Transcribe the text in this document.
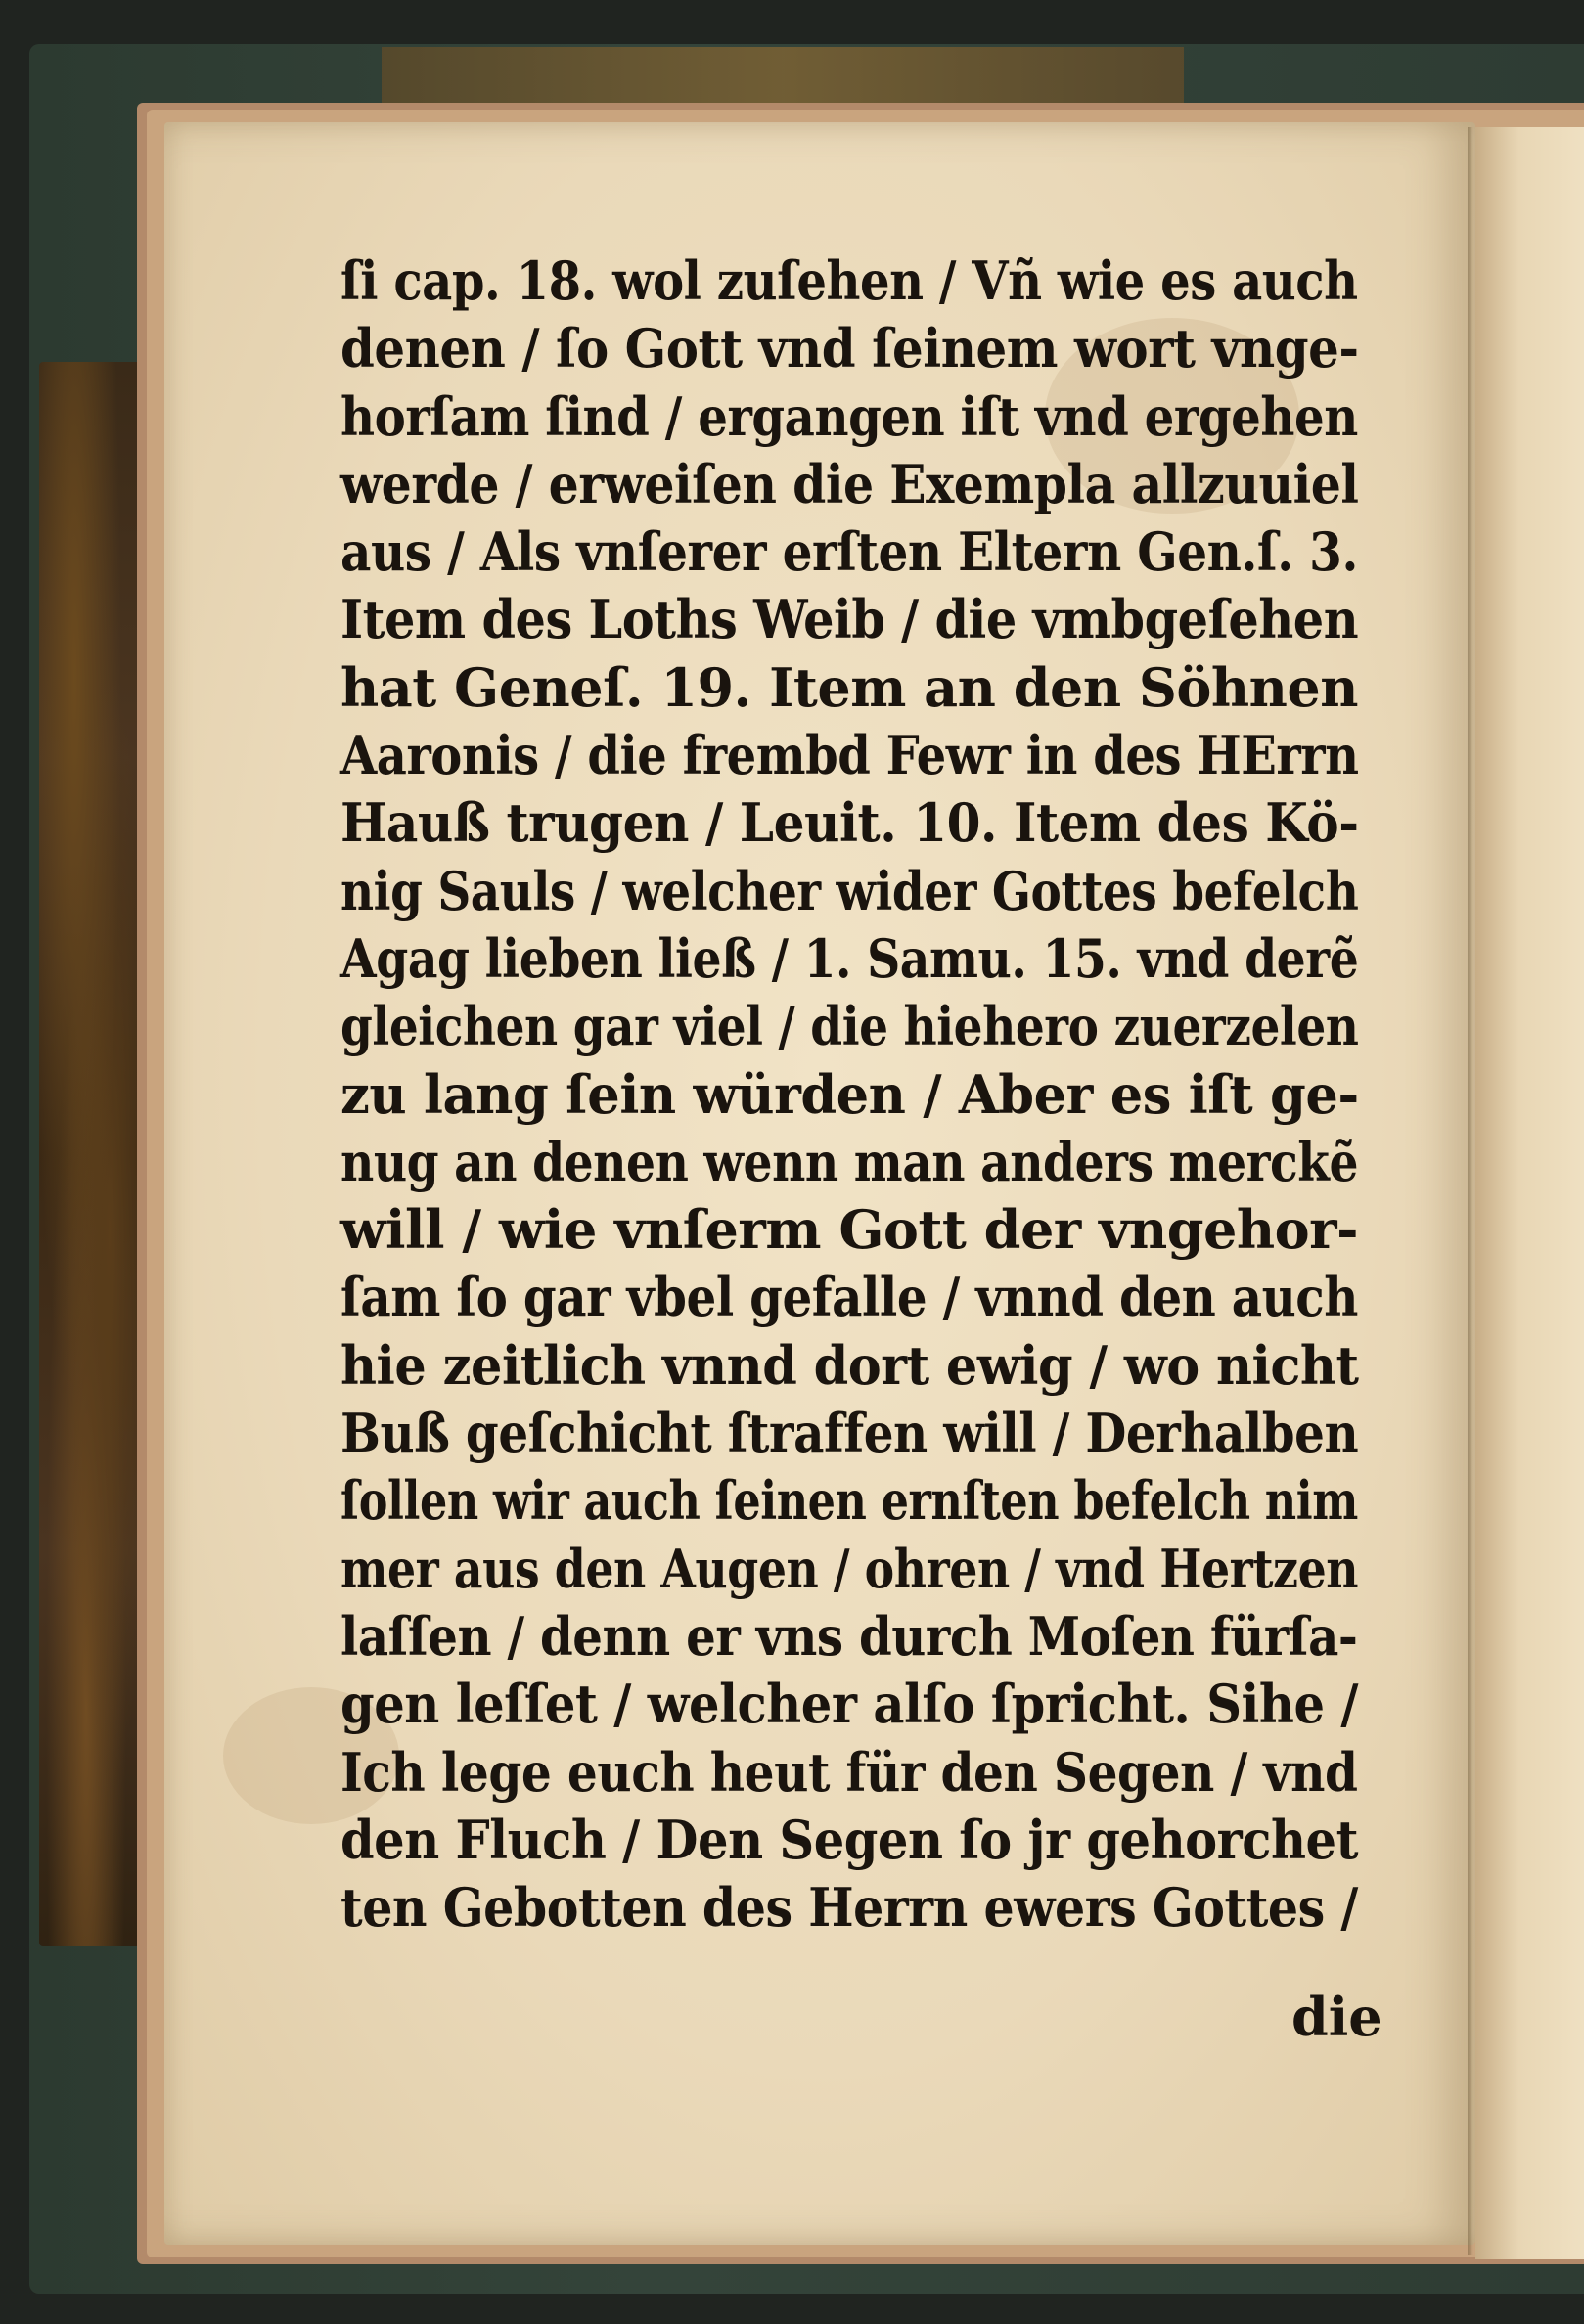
ſi cap. 18. wol zuſehen / Vñ wie es auch
denen / ſo Gott vnd ſeinem wort vnge-
horſam ſind / ergangen iſt vnd ergehen
werde / erweiſen die Exempla allzuuiel
aus / Als vnſerer erſten Eltern Gen.ſ. 3.
Item des Loths Weib / die vmbgeſehen
hat Geneſ. 19. Item an den Söhnen
Aaronis / die frembd Fewr in des HErrn
Hauß trugen / Leuit. 10. Item des Kö-
nig Sauls / welcher wider Gottes befelch
Agag lieben ließ / 1. Samu. 15. vnd derẽ
gleichen gar viel / die hiehero zuerzelen
zu lang ſein würden / Aber es iſt ge-
nug an denen wenn man anders merckẽ
will / wie vnſerm Gott der vngehor-
ſam ſo gar vbel gefalle / vnnd den auch
hie zeitlich vnnd dort ewig / wo nicht
Buß geſchicht ſtraffen will / Derhalben
ſollen wir auch ſeinen ernſten befelch nim
mer aus den Augen / ohren / vnd Hertzen
laſſen / denn er vns durch Moſen fürſa-
gen leſſet / welcher alſo ſpricht. Sihe /
Ich lege euch heut für den Segen / vnd
den Fluch / Den Segen ſo jr gehorchet
ten Gebotten des Herrn ewers Gottes /
die
